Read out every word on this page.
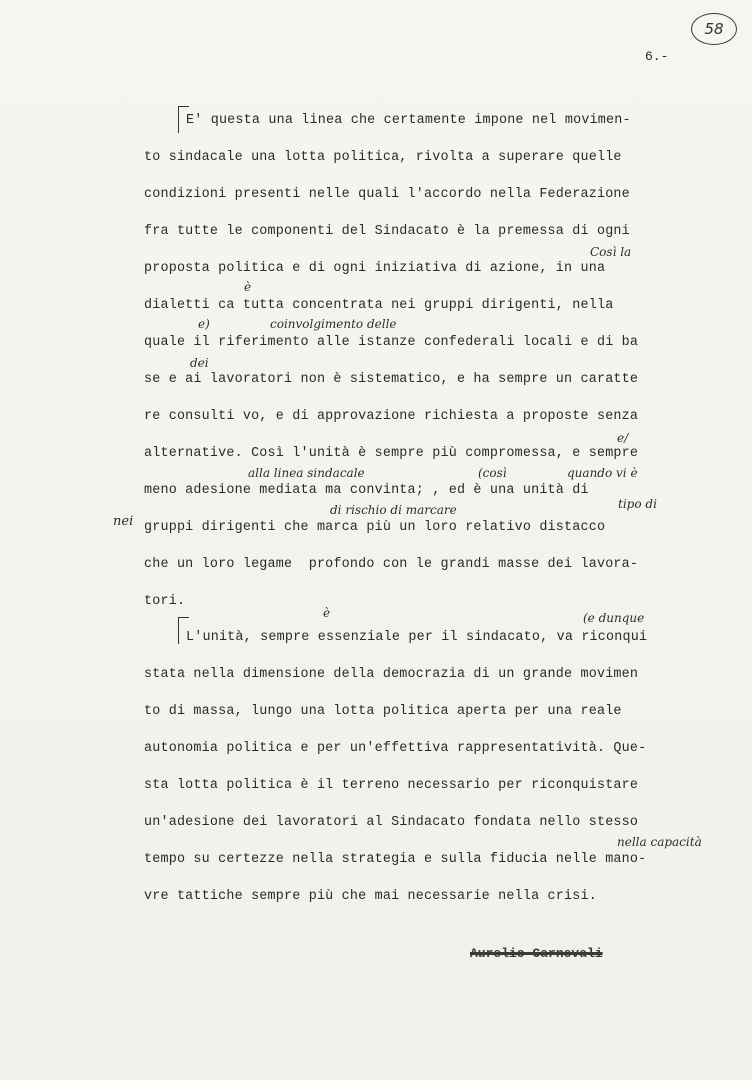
58
6.-
E' questa una linea che certamente impone nel movimen-
to sindacale una lotta politica, rivolta a superare quelle
condizioni presenti nelle quali l'accordo nella Federazione
fra tutte le componenti del Sindacato è la premessa di ogni
proposta politica e di ogni iniziativa di azione, in una
dialetti ca tutta concentrata nei gruppi dirigenti, nella
quale il riferimento alle istanze confederali locali e di ba
se e ai lavoratori non è sistematico, e ha sempre un caratte
re consulti vo, e di approvazione richiesta a proposte senza
alternative. Così l'unità è sempre più compromessa, e sempre
meno adesione mediata ma convinta; , ed è una unità di
gruppi dirigenti che marca più un loro relativo distacco
che un loro legame  profondo con le grandi masse dei lavora-
tori.
nei
L'unità, sempre essenziale per il sindacato, va riconqui
stata nella dimensione della democrazia di un grande movimen
to di massa, lungo una lotta politica aperta per una reale
autonomia politica e per un'effettiva rappresentatività. Que-
sta lotta politica è il terreno necessario per riconquistare
un'adesione dei lavoratori al Sindacato fondata nello stesso
tempo su certezze nella strategia e sulla fiducia nelle mano-
vre tattiche sempre più che mai necessarie nella crisi.
Così la
è
coinvolgimento delle
e)
dei
e/
alla linea sindacale	(così	quando vi è
di rischio di marcare	tipo di
(e dunque
è
nella capacità
Aurelio Carnevali
